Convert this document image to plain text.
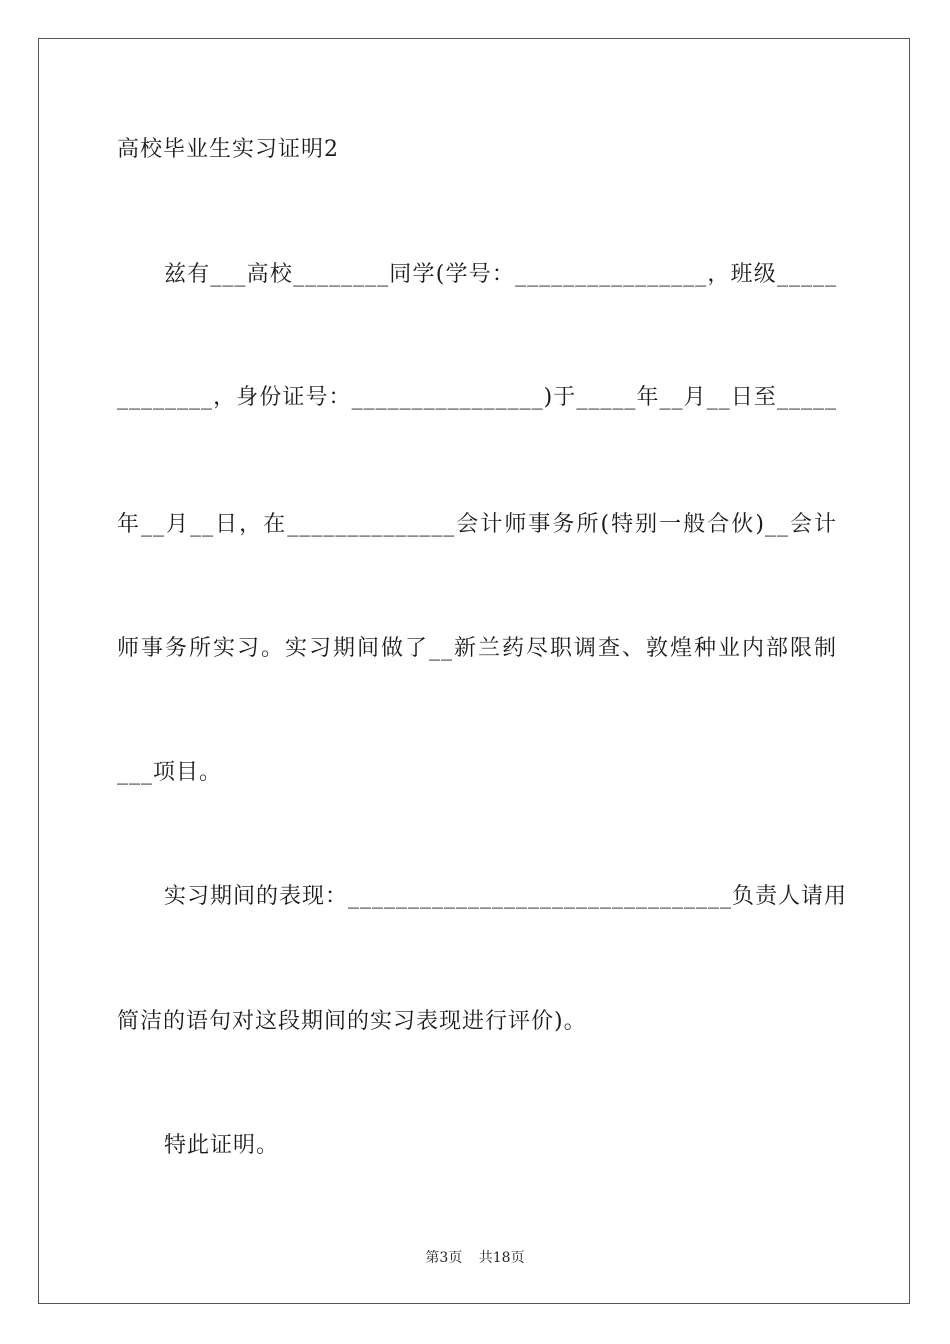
高校毕业生实习证明2
兹有___高校________同学(学号：________________，班级_____
________，身份证号：________________)于_____年__月__日至_____
年__月__日，在______________会计师事务所(特别一般合伙)__会计
师事务所实习。实习期间做了__新兰药尽职调查、敦煌种业内部限制
___项目。
实习期间的表现：________________________________负责人请用
简洁的语句对这段期间的实习表现进行评价)。
特此证明。
第3页 共18页
